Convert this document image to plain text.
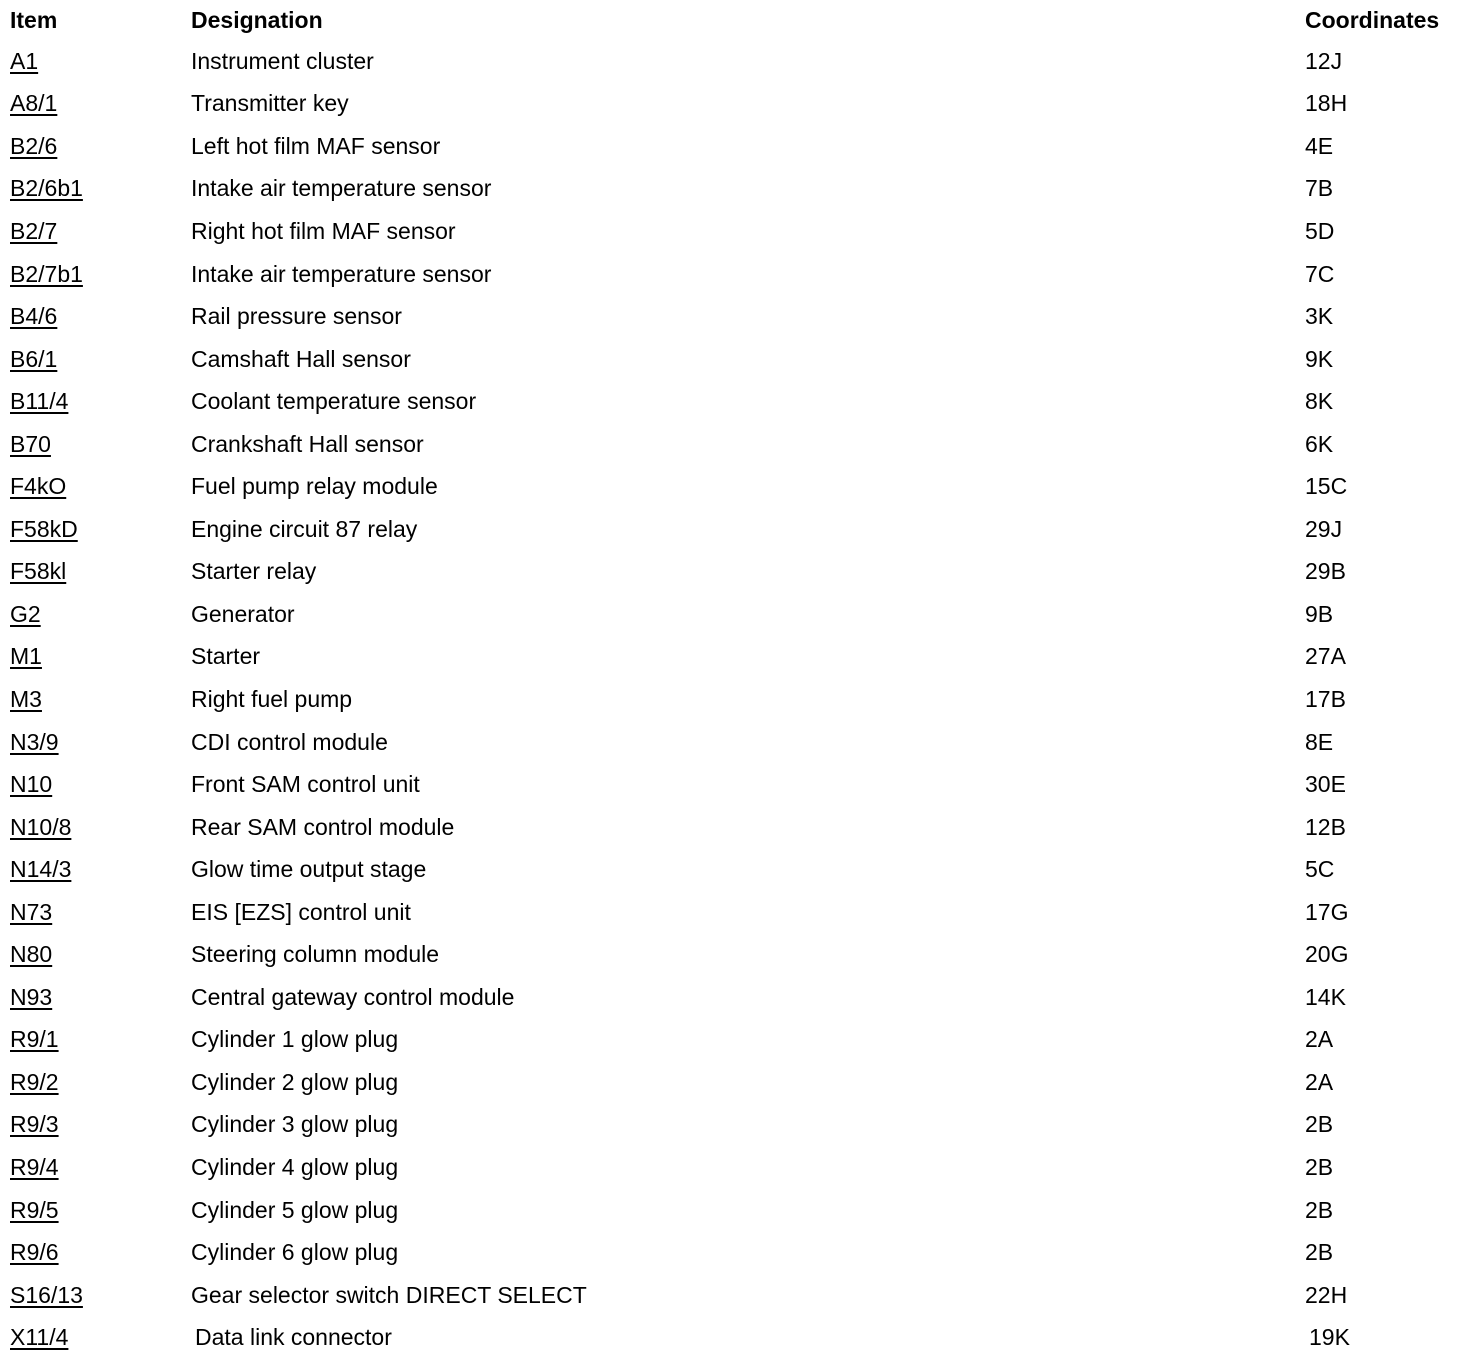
Item	Designation	Coordinates
A1	Instrument cluster	12J
A8/1	Transmitter key	18H
B2/6	Left hot film MAF sensor	4E
B2/6b1	Intake air temperature sensor	7B
B2/7	Right hot film MAF sensor	5D
B2/7b1	Intake air temperature sensor	7C
B4/6	Rail pressure sensor	3K
B6/1	Camshaft Hall sensor	9K
B11/4	Coolant temperature sensor	8K
B70	Crankshaft Hall sensor	6K
F4kO	Fuel pump relay module	15C
F58kD	Engine circuit 87 relay	29J
F58kl	Starter relay	29B
G2	Generator	9B
M1	Starter	27A
M3	Right fuel pump	17B
N3/9	CDI control module	8E
N10	Front SAM control unit	30E
N10/8	Rear SAM control module	12B
N14/3	Glow time output stage	5C
N73	EIS [EZS] control unit	17G
N80	Steering column module	20G
N93	Central gateway control module	14K
R9/1	Cylinder 1 glow plug	2A
R9/2	Cylinder 2 glow plug	2A
R9/3	Cylinder 3 glow plug	2B
R9/4	Cylinder 4 glow plug	2B
R9/5	Cylinder 5 glow plug	2B
R9/6	Cylinder 6 glow plug	2B
S16/13	Gear selector switch DIRECT SELECT	22H
X11/4	Data link connector	19K
